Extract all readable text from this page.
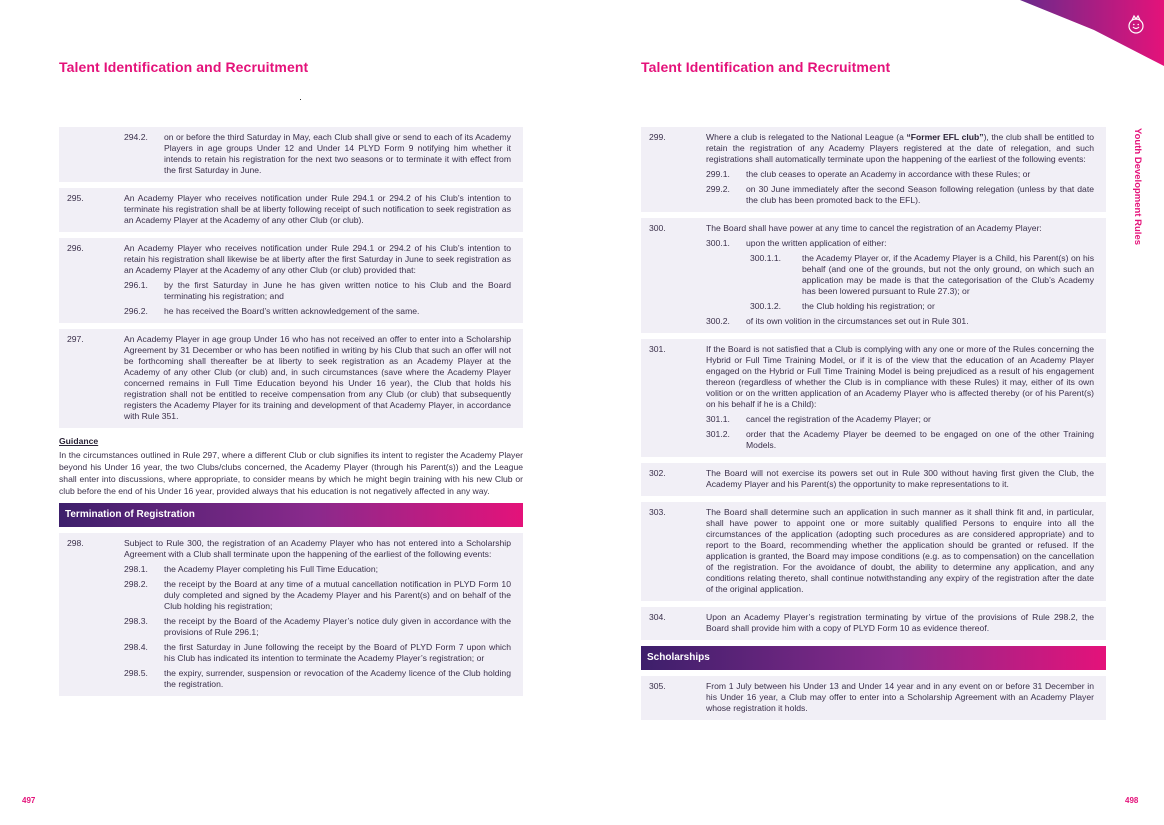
Talent Identification and Recruitment
294.2.	on or before the third Saturday in May, each Club shall give or send to each of its Academy Players in age groups Under 12 and Under 14 PLYD Form 9 notifying him whether it intends to retain his registration for the next two seasons or to terminate it with effect from the first Saturday in June.
295.	An Academy Player who receives notification under Rule 294.1 or 294.2 of his Club’s intention to terminate his registration shall be at liberty following receipt of such notification to seek registration as an Academy Player at the Academy of any other Club (or club).
296.	An Academy Player who receives notification under Rule 294.1 or 294.2 of his Club’s intention to retain his registration shall likewise be at liberty after the first Saturday in June to seek registration as an Academy Player at the Academy of any other Club (or club) provided that:
296.1.	by the first Saturday in June he has given written notice to his Club and the Board terminating his registration; and
296.2.	he has received the Board’s written acknowledgement of the same.
297.	An Academy Player in age group Under 16 who has not received an offer to enter into a Scholarship Agreement by 31 December or who has been notified in writing by his Club that such an offer will not be forthcoming shall thereafter be at liberty to seek registration as an Academy Player at the Academy of any other Club (or club) and, in such circumstances (save where the Academy Player concerned remains in Full Time Education beyond his Under 16 year), the Club that holds his registration shall not be entitled to receive compensation from any Club (or club) that subsequently registers the Academy Player for its training and development of that Academy Player, in accordance with Rule 351.
Guidance
In the circumstances outlined in Rule 297, where a different Club or club signifies its intent to register the Academy Player beyond his Under 16 year, the two Clubs/clubs concerned, the Academy Player (through his Parent(s)) and the League shall enter into discussions, where appropriate, to consider means by which he might begin training with his new Club or club before the end of his Under 16 year, provided always that his education is not negatively affected in any way.
Termination of Registration
298.	Subject to Rule 300, the registration of an Academy Player who has not entered into a Scholarship Agreement with a Club shall terminate upon the happening of the earliest of the following events:
298.1.	the Academy Player completing his Full Time Education;
298.2.	the receipt by the Board at any time of a mutual cancellation notification in PLYD Form 10 duly completed and signed by the Academy Player and his Parent(s) and on behalf of the Club holding his registration;
298.3.	the receipt by the Board of the Academy Player’s notice duly given in accordance with the provisions of Rule 296.1;
298.4.	the first Saturday in June following the receipt by the Board of PLYD Form 7 upon which his Club has indicated its intention to terminate the Academy Player’s registration; or
298.5.	the expiry, surrender, suspension or revocation of the Academy licence of the Club holding the registration.
497
Talent Identification and Recruitment
299.	Where a club is relegated to the National League (a “Former EFL club”), the club shall be entitled to retain the registration of any Academy Players registered at the date of relegation, and such registrations shall automatically terminate upon the happening of the earliest of the following events:
299.1.	the club ceases to operate an Academy in accordance with these Rules; or
299.2.	on 30 June immediately after the second Season following relegation (unless by that date the club has been promoted back to the EFL).
300.	The Board shall have power at any time to cancel the registration of an Academy Player:
300.1.	upon the written application of either:
300.1.1.	the Academy Player or, if the Academy Player is a Child, his Parent(s) on his behalf (and one of the grounds, but not the only ground, on which such an application may be made is that the categorisation of the Club’s Academy has been lowered pursuant to Rule 27.3); or
300.1.2.	the Club holding his registration; or
300.2.	of its own volition in the circumstances set out in Rule 301.
301.	If the Board is not satisfied that a Club is complying with any one or more of the Rules concerning the Hybrid or Full Time Training Model, or if it is of the view that the education of an Academy Player engaged on the Hybrid or Full Time Training Model is being prejudiced as a result of his engagement thereon (regardless of whether the Club is in compliance with these Rules) it may, either of its own volition or on the written application of an Academy Player who is affected thereby (or of his Parent(s) on his behalf if he is a Child):
301.1.	cancel the registration of the Academy Player; or
301.2.	order that the Academy Player be deemed to be engaged on one of the other Training Models.
302.	The Board will not exercise its powers set out in Rule 300 without having first given the Club, the Academy Player and his Parent(s) the opportunity to make representations to it.
303.	The Board shall determine such an application in such manner as it shall think fit and, in particular, shall have power to appoint one or more suitably qualified Persons to enquire into all the circumstances of the application (adopting such procedures as are considered appropriate) and to report to the Board, recommending whether the application should be granted or refused. If the application is granted, the Board may impose conditions (e.g. as to compensation) on the cancellation of the registration. For the avoidance of doubt, the ability to determine any application, and any conditions relating thereto, shall continue notwithstanding any expiry of the registration after the date of the original application.
304.	Upon an Academy Player’s registration terminating by virtue of the provisions of Rule 298.2, the Board shall provide him with a copy of PLYD Form 10 as evidence thereof.
Scholarships
305.	From 1 July between his Under 13 and Under 14 year and in any event on or before 31 December in his Under 16 year, a Club may offer to enter into a Scholarship Agreement with an Academy Player whose registration it holds.
498
Youth Development Rules
